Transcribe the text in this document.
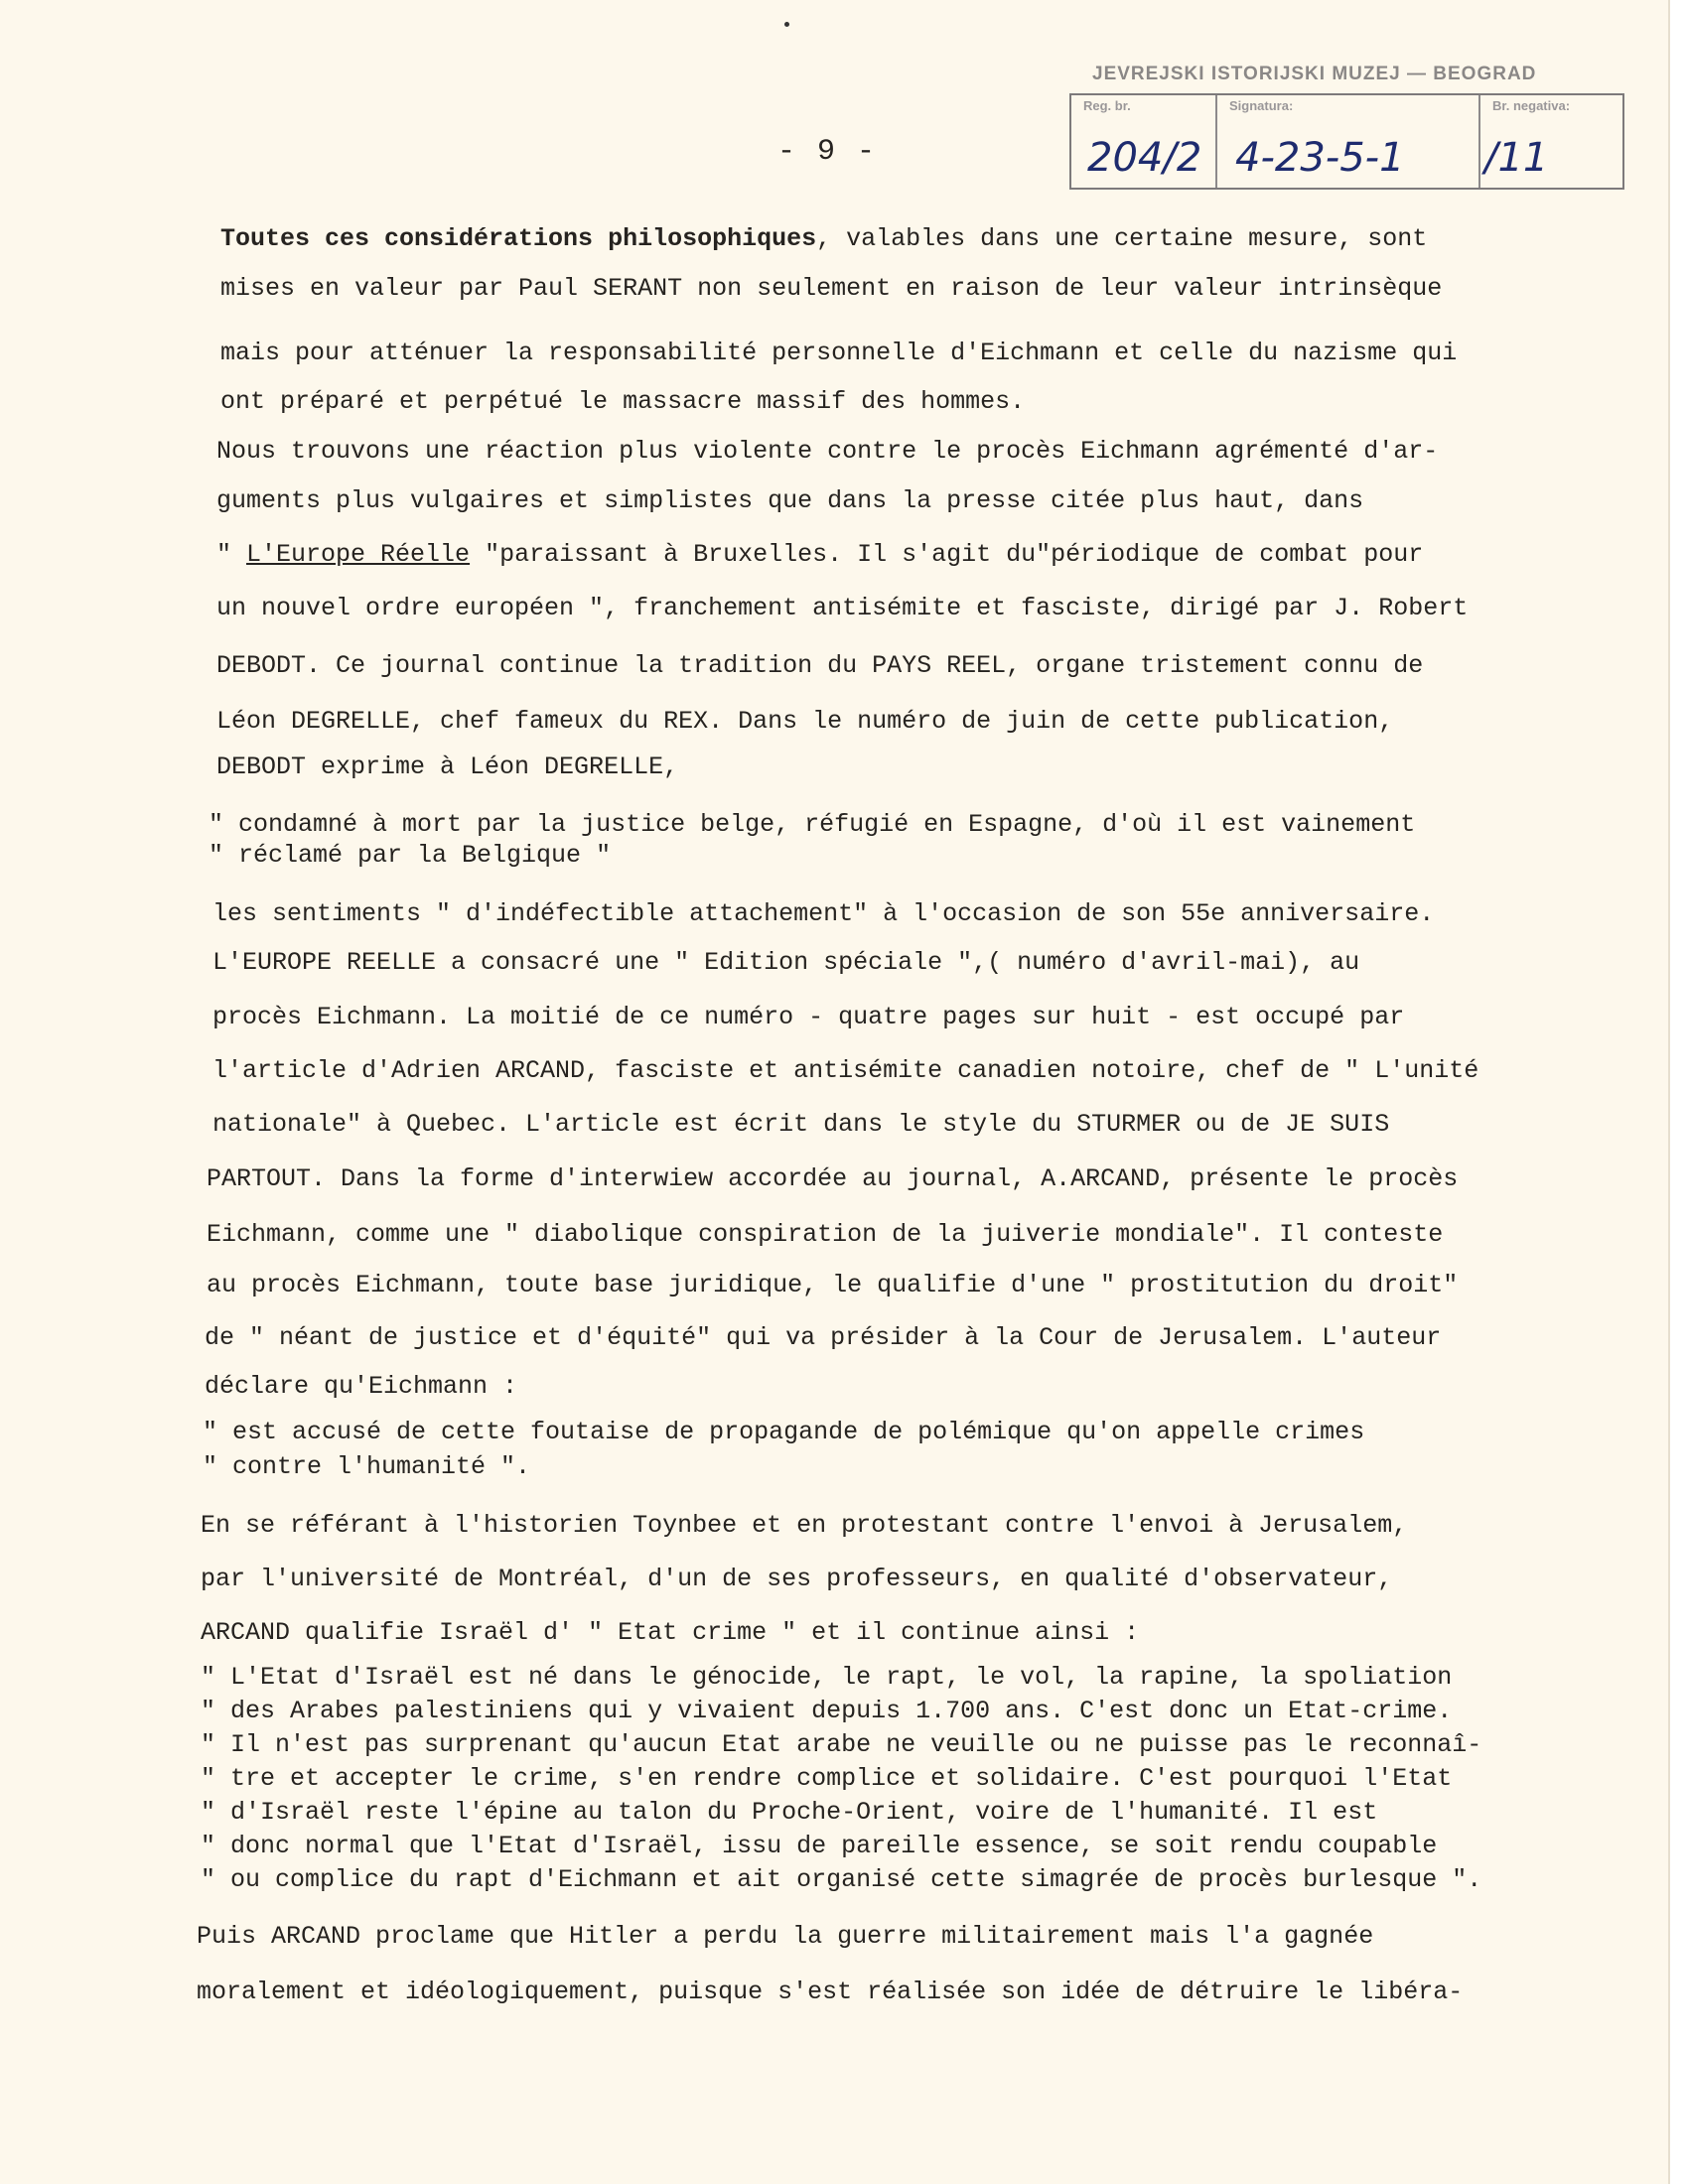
- 9 -
JEVREJSKI ISTORIJSKI MUZEJ — BEOGRAD
Reg. br.
204/2
Signatura:
4-23-5-1
Br. negativa:
/11
Toutes ces considérations philosophiques, valables dans une certaine mesure, sont
mises en valeur par Paul SERANT non seulement en raison de leur valeur intrinsèque
mais pour atténuer la responsabilité personnelle d'Eichmann et celle du nazisme qui
ont préparé et perpétué le massacre massif des hommes.
Nous trouvons une réaction plus violente contre le procès Eichmann agrémenté d'ar-
guments plus vulgaires et simplistes que dans la presse citée plus haut, dans
" L'Europe Réelle "paraissant à Bruxelles. Il s'agit du"périodique de combat pour
un nouvel ordre européen ", franchement antisémite et fasciste, dirigé par J. Robert
DEBODT. Ce journal continue la tradition du PAYS REEL, organe tristement connu de
Léon DEGRELLE, chef fameux du REX. Dans le numéro de juin de cette publication,
DEBODT exprime à Léon DEGRELLE,
" condamné à mort par la justice belge, réfugié en Espagne, d'où il est vainement
" réclamé par la Belgique "
les sentiments " d'indéfectible attachement" à l'occasion de son 55e anniversaire.
L'EUROPE REELLE a consacré une " Edition spéciale ",( numéro d'avril-mai), au
procès Eichmann. La moitié de ce numéro - quatre pages sur huit - est occupé par
l'article d'Adrien ARCAND, fasciste et antisémite canadien notoire, chef de " L'unité
nationale" à Quebec. L'article est écrit dans le style du STURMER ou de JE SUIS
PARTOUT. Dans la forme d'interwiew accordée au journal, A.ARCAND, présente le procès
Eichmann, comme une " diabolique conspiration de la juiverie mondiale". Il conteste
au procès Eichmann, toute base juridique, le qualifie d'une " prostitution du droit"
de " néant de justice et d'équité" qui va présider à la Cour de Jerusalem. L'auteur
déclare qu'Eichmann :
" est accusé de cette foutaise de propagande de polémique qu'on appelle crimes
" contre l'humanité ".
En se référant à l'historien Toynbee et en protestant contre l'envoi à Jerusalem,
par l'université de Montréal, d'un de ses professeurs, en qualité d'observateur,
ARCAND qualifie Israël d' " Etat crime " et il continue ainsi :
" L'Etat d'Israël est né dans le génocide, le rapt, le vol, la rapine, la spoliation
" des Arabes palestiniens qui y vivaient depuis 1.700 ans. C'est donc un Etat-crime.
" Il n'est pas surprenant qu'aucun Etat arabe ne veuille ou ne puisse pas le reconnaî-
" tre et accepter le crime, s'en rendre complice et solidaire. C'est pourquoi l'Etat
" d'Israël reste l'épine au talon du Proche-Orient, voire de l'humanité. Il est
" donc normal que l'Etat d'Israël, issu de pareille essence, se soit rendu coupable
" ou complice du rapt d'Eichmann et ait organisé cette simagrée de procès burlesque ".
Puis ARCAND proclame que Hitler a perdu la guerre militairement mais l'a gagnée
moralement et idéologiquement, puisque s'est réalisée son idée de détruire le libéra-
